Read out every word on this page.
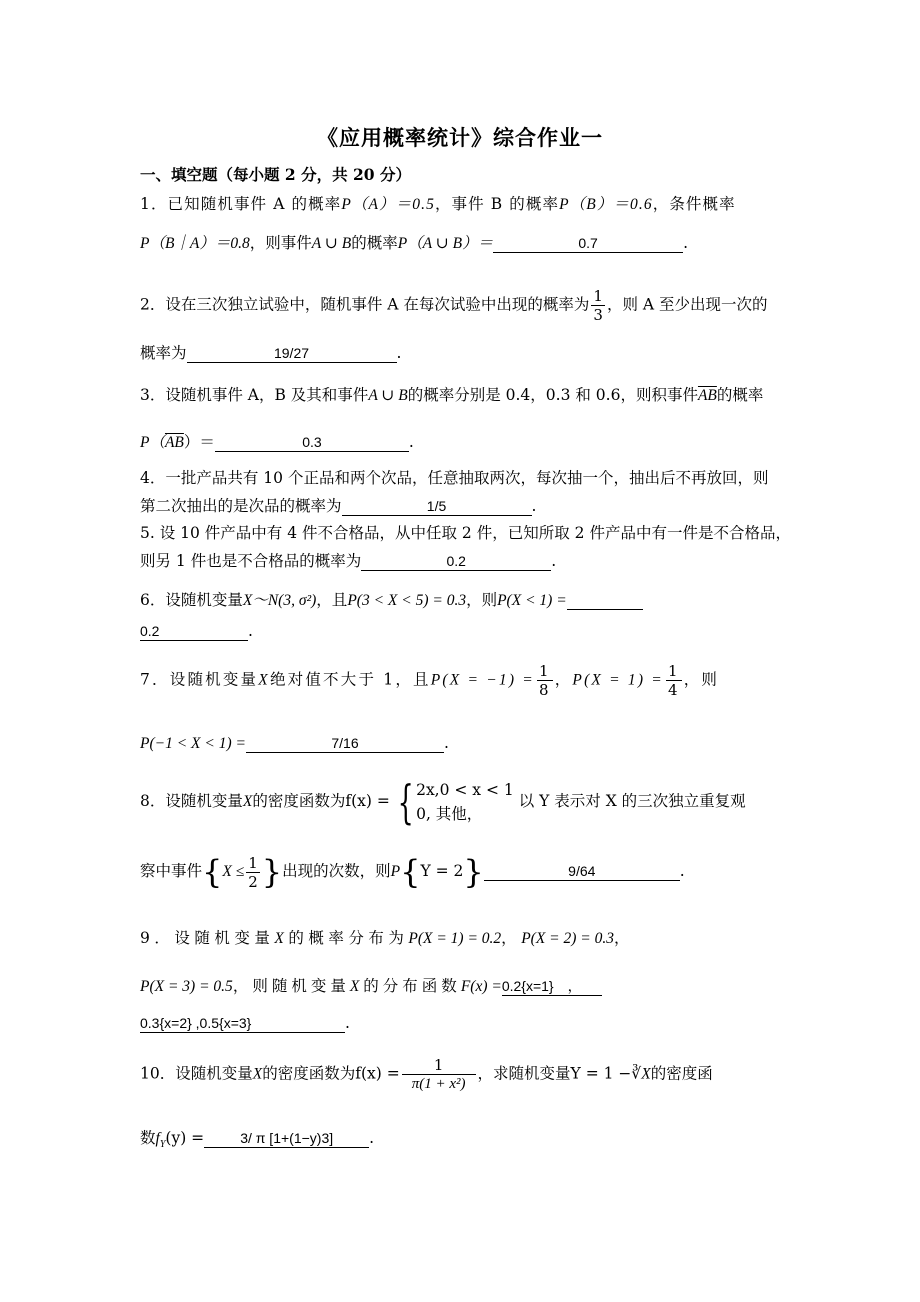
《应用概率统计》综合作业一
一、填空题（每小题 2 分，共 20 分）
1．已知随机事件 A 的概率P（A）＝0.5，事件 B 的概率P（B）＝0.6，条件概率
P（B｜A）＝0.8，则事件A ∪ B的概率P（A ∪ B）＝	0.7	.
2．设在三次独立试验中，随机事件 A 在每次试验中出现的概率为 $\frac{1}{3}$ ，则 A 至少出现一次的
概率为	19/27	.
3．设随机事件 A，B 及其和事件A ∪ B的概率分别是 0.4，0.3 和 0.6，则积事件$\overline{AB}$的概率
$P(\overline{AB})=$	0.3	.
4．一批产品共有 10 个正品和两个次品，任意抽取两次，每次抽一个，抽出后不再放回，则
第二次抽出的是次品的概率为	1/5	.
5. 设 10 件产品中有 4 件不合格品，从中任取 2 件，已知所取 2 件产品中有一件是不合格品，
则另 1 件也是不合格品的概率为	0.2	.
6．设随机变量X～N(3, σ²)，且P(3 < X < 5) = 0.3，则P(X < 1) =
0.2	.
7．设随机变量X绝对值不大于 1，且$P(X = -1) = \frac{1}{8}$ ，$P(X = 1) = \frac{1}{4}$ ，则
P(−1 < X < 1) =	7/16	.
8．设随机变量X的密度函数为f(x) = { 2x,0 < x < 1
0, 其他，
以 Y 表示对 X 的三次独立重复观
察中事件{$X \le \frac{1}{2}$ }出现的次数，则P{Y = 2}	9/64	.
9．设随机变量X的概率分布为P(X = 1) = 0.2，P(X = 2) = 0.3，
P(X = 3) = 0.5，则随机变量X的分布函数F(x) =0.2{x=1}　，
0.3{x=2} ,0.5{x=3}	.
10．设随机变量X的密度函数为$f(x) = \frac{1}{\text{π(1 + x²)}}$ ，求随机变量Y = 1 −∛X的密度函
数$f_Y(y)$ =	3/ π [1+(1−y)3] .
